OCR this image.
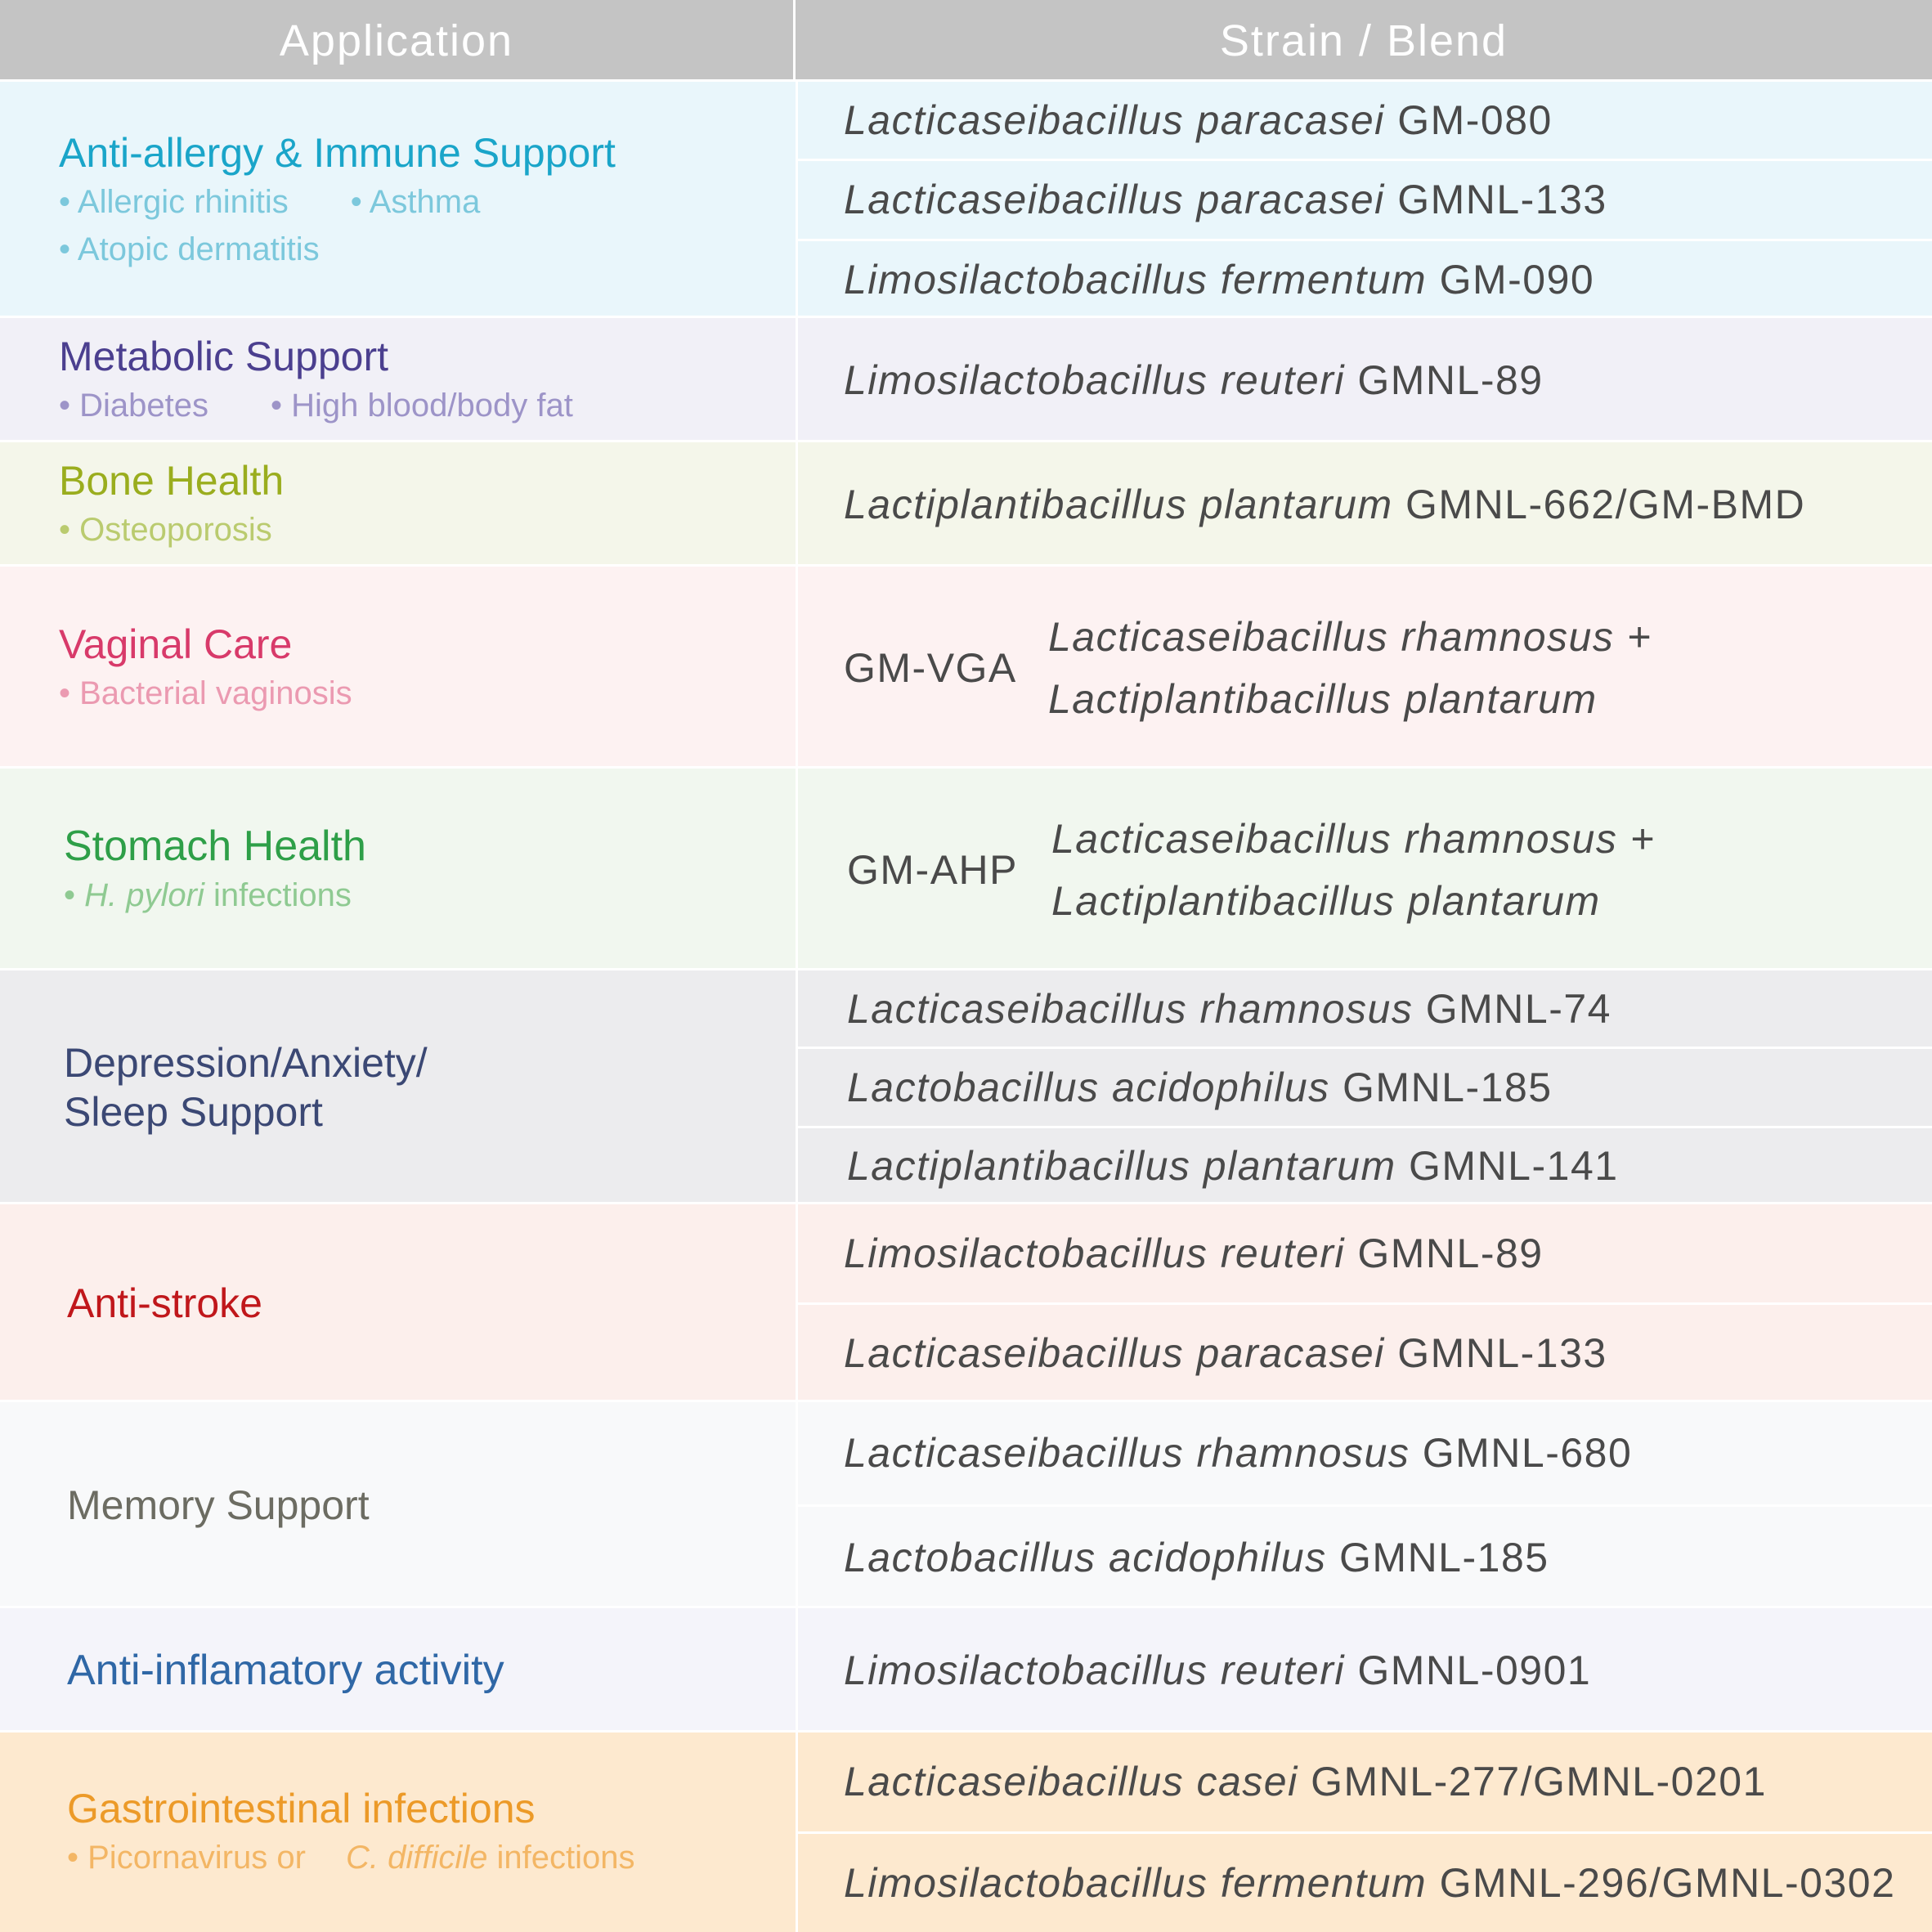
Application	Strain / Blend
Anti-allergy & Immune Support
• Allergic rhinitis • Asthma
• Atopic dermatitis
Lacticaseibacillus paracasei
GM-080
Lacticaseibacillus paracasei
GMNL-133
Limosilactobacillus fermentum
GM-090
Metabolic Support
• Diabetes • High blood/body fat
Limosilactobacillus reuteri
GMNL-89
Bone Health
• Osteoporosis
Lactiplantibacillus plantarum
GMNL-662/GM-BMD
Vaginal Care
• Bacterial vaginosis
GM-VGA
Lacticaseibacillus rhamnosus +
Lactiplantibacillus plantarum
Stomach Health
• H. pylori infections
GM-AHP
Lacticaseibacillus rhamnosus +
Lactiplantibacillus plantarum
Depression/Anxiety/
Sleep Support
Lacticaseibacillus rhamnosus
GMNL-74
Lactobacillus acidophilus
GMNL-185
Lactiplantibacillus plantarum
GMNL-141
Anti-stroke
Limosilactobacillus reuteri
GMNL-89
Lacticaseibacillus paracasei
GMNL-133
Memory Support
Lacticaseibacillus rhamnosus
GMNL-680
Lactobacillus acidophilus
GMNL-185
Anti-inflamatory activity	Limosilactobacillus reuteri
GMNL-0901
Gastrointestinal infections
• Picornavirus or C. difficile infections
Lacticaseibacillus casei
GMNL-277/GMNL-0201
Limosilactobacillus fermentum
GMNL-296/GMNL-0302
